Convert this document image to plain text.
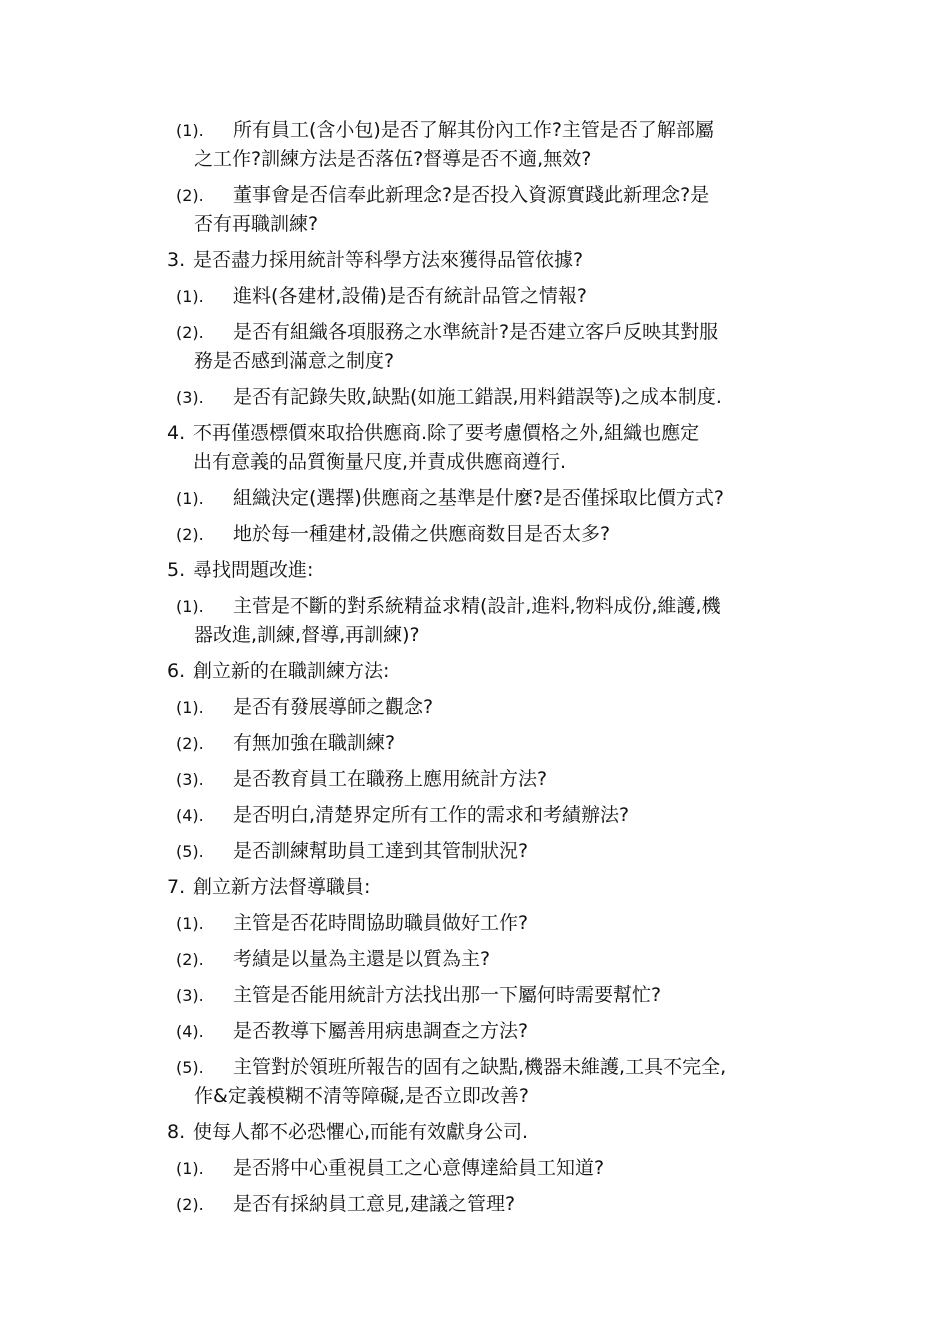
(1).	所有員工(含小包)是否了解其份內工作?主管是否了解部屬
之工作?訓練方法是否落伍?督導是否不適,無效?
(2).	董事會是否信奉此新理念?是否投入資源實踐此新理念?是
否有再職訓練?
3. 是否盡力採用統計等科學方法來獲得品管依據?
(1).	進料(各建材,設備)是否有統計品管之情報?
(2).	是否有組織各項服務之水準統計?是否建立客戶反映其對服
務是否感到滿意之制度?
(3).	是否有記錄失敗,缺點(如施工錯誤,用料錯誤等)之成本制度.
4. 不再僅憑標價來取拾供應商.除了要考慮價格之外,組織也應定
出有意義的品質衡量尺度,并責成供應商遵行.
(1).	組織決定(選擇)供應商之基準是什麼?是否僅採取比價方式?
(2).	地於每一種建材,設備之供應商数目是否太多?
5. 尋找問題改進:
(1).	主菅是不斷的對系統精益求精(設計,進料,物料成份,維護,機
器改進,訓練,督導,再訓練)?
6. 創立新的在職訓練方法:
(1).	是否有發展導師之觀念?
(2).	有無加強在職訓練?
(3).	是否教育員工在職務上應用統計方法?
(4).	是否明白,清楚界定所有工作的需求和考績辦法?
(5).	是否訓練幫助員工達到其管制狀況?
7. 創立新方法督導職員:
(1).	主管是否花時間協助職員做好工作?
(2).	考績是以量為主還是以質為主?
(3).	主管是否能用統計方法找出那一下屬何時需要幫忙?
(4).	是否教導下屬善用病患調查之方法?
(5).	主管對於領班所報告的固有之缺點,機器未維護,工具不完全,
作&定義模糊不清等障礙,是否立即改善?
8. 使每人都不必恐懼心,而能有效獻身公司.
(1).	是否將中心重視員工之心意傳達給員工知道?
(2).	是否有採納員工意見,建議之管理?
